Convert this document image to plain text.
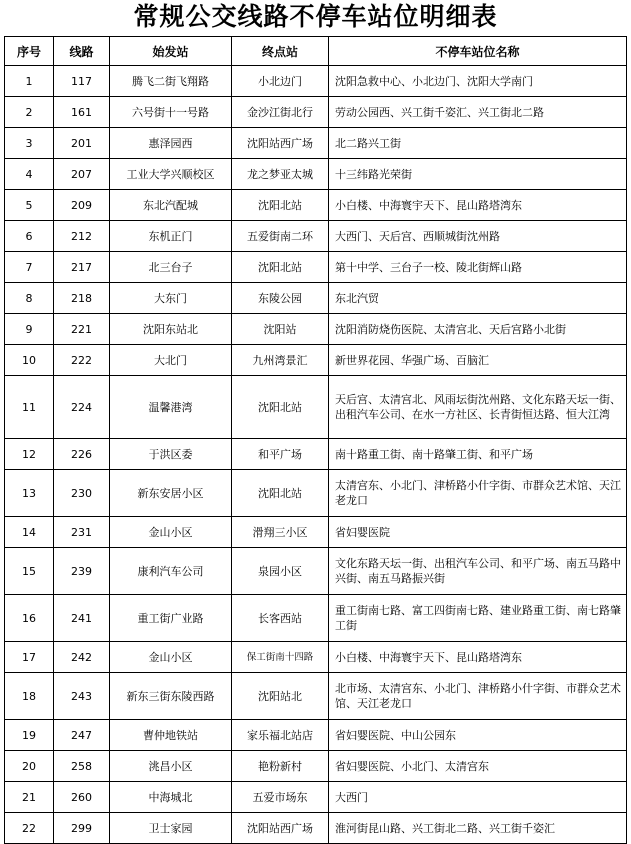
常规公交线路不停车站位明细表
序号	线路	始发站	终点站	不停车站位名称
1	117	腾飞二街飞翔路	小北边门	沈阳急救中心、小北边门、沈阳大学南门
2	161	六号街十一号路	金沙江街北行	劳动公园西、兴工街千姿汇、兴工街北二路
3	201	惠泽园西	沈阳站西广场	北二路兴工街
4	207	工业大学兴顺校区	龙之梦亚太城	十三纬路光荣街
5	209	东北汽配城	沈阳北站	小白楼、中海寰宇天下、昆山路塔湾东
6	212	东机正门	五爱街南二环	大西门、天后宫、西顺城街沈州路
7	217	北三台子	沈阳北站	第十中学、三台子一校、陵北街辉山路
8	218	大东门	东陵公园	东北汽贸
9	221	沈阳东站北	沈阳站	沈阳消防烧伤医院、太清宫北、天后宫路小北街
10	222	大北门	九州湾景汇	新世界花园、华强广场、百脑汇
11	224	温馨港湾	沈阳北站	天后宫、太清宫北、风雨坛街沈州路、文化东路天坛一街、出租汽车公司、在水一方社区、长青街恒达路、恒大江湾
12	226	于洪区委	和平广场	南十路重工街、南十路肇工街、和平广场
13	230	新东安居小区	沈阳北站	太清宫东、小北门、津桥路小什字街、市群众艺术馆、天江老龙口
14	231	金山小区	滑翔三小区	省妇婴医院
15	239	康利汽车公司	泉园小区	文化东路天坛一街、出租汽车公司、和平广场、南五马路中兴街、南五马路振兴街
16	241	重工街广业路	长客西站	重工街南七路、富工四街南七路、建业路重工街、南七路肇工街
17	242	金山小区	保工街南十四路	小白楼、中海寰宇天下、昆山路塔湾东
18	243	新东三街东陵西路	沈阳站北	北市场、太清宫东、小北门、津桥路小什字街、市群众艺术馆、天江老龙口
19	247	曹仲地铁站	家乐福北站店	省妇婴医院、中山公园东
20	258	洮昌小区	艳粉新村	省妇婴医院、小北门、太清宫东
21	260	中海城北	五爱市场东	大西门
22	299	卫士家园	沈阳站西广场	淮河街昆山路、兴工街北二路、兴工街千姿汇
